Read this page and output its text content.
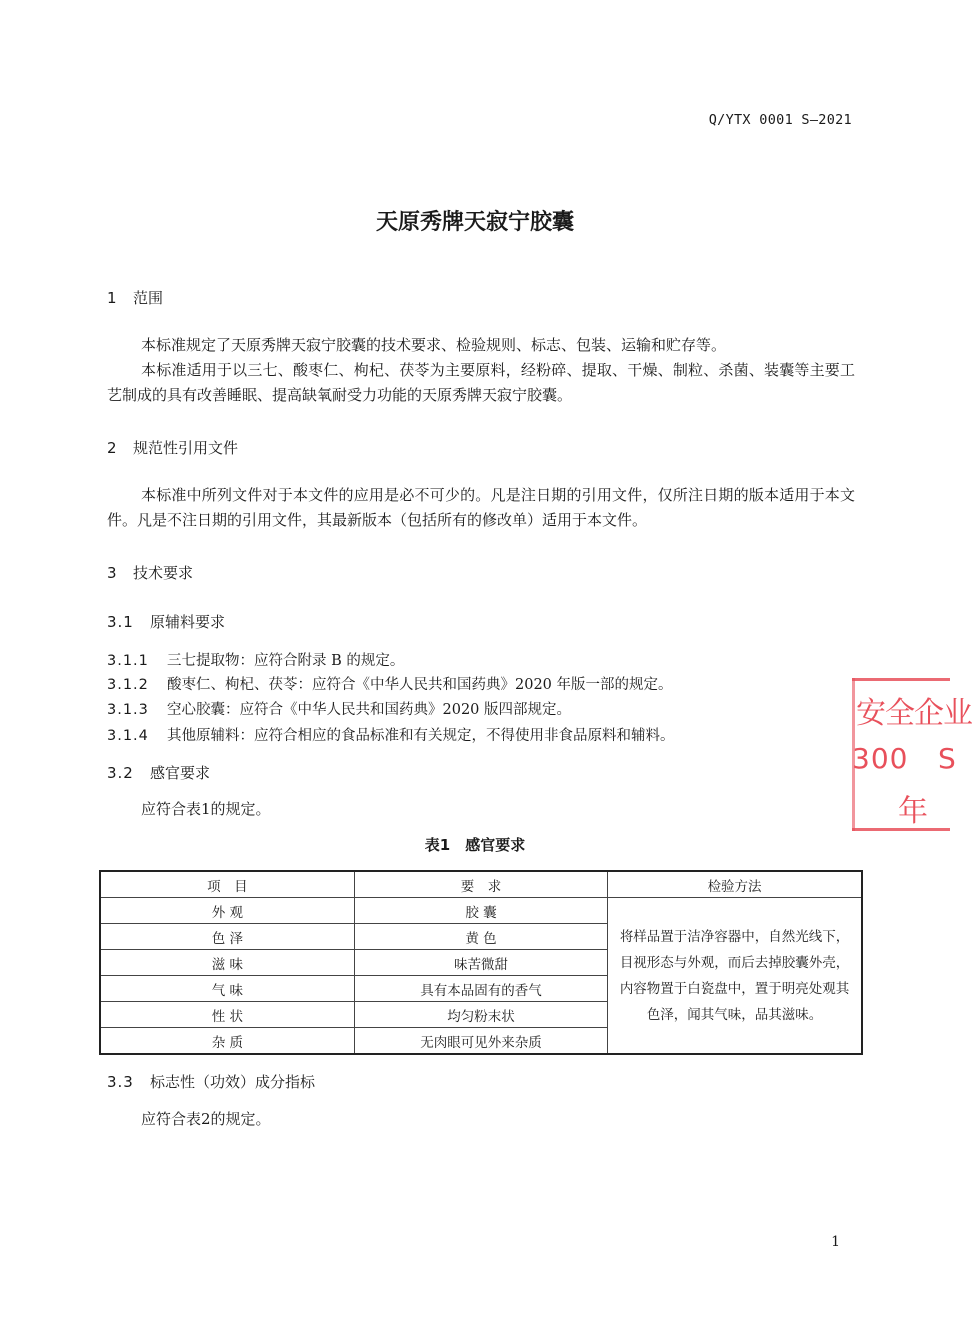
Q/YTX 0001 S—2021
天原秀牌天寂宁胶囊
1 范围
本标准规定了天原秀牌天寂宁胶囊的技术要求、检验规则、标志、包装、运输和贮存等。
本标准适用于以三七、酸枣仁、枸杞、茯苓为主要原料，经粉碎、提取、干燥、制粒、杀菌、装囊等主要工艺制成的具有改善睡眠、提高缺氧耐受力功能的天原秀牌天寂宁胶囊。
2 规范性引用文件
本标准中所列文件对于本文件的应用是必不可少的。凡是注日期的引用文件，仅所注日期的版本适用于本文件。凡是不注日期的引用文件，其最新版本（包括所有的修改单）适用于本文件。
3 技术要求
3.1 原辅料要求
3.1.1 三七提取物：应符合附录 B 的规定。
3.1.2 酸枣仁、枸杞、茯苓：应符合《中华人民共和国药典》2020 年版一部的规定。
3.1.3 空心胶囊：应符合《中华人民共和国药典》2020 版四部规定。
3.1.4 其他原辅料：应符合相应的食品标准和有关规定，不得使用非食品原料和辅料。
3.2 感官要求
应符合表1的规定。
表1　感官要求
项　目	要　求	检验方法
外 观	胶 囊	将样品置于洁净容器中，自然光线下，目视形态与外观，而后去掉胶囊外壳，内容物置于白瓷盘中，置于明亮处观其色泽，闻其气味，品其滋味。
色 泽	黄 色	
滋 味	味苦微甜	
气 味	具有本品固有的香气	
性 状	均匀粉末状	
杂 质	无肉眼可见外来杂质	
3.3 标志性（功效）成分指标
应符合表2的规定。
1
安全企业
300 S
年
